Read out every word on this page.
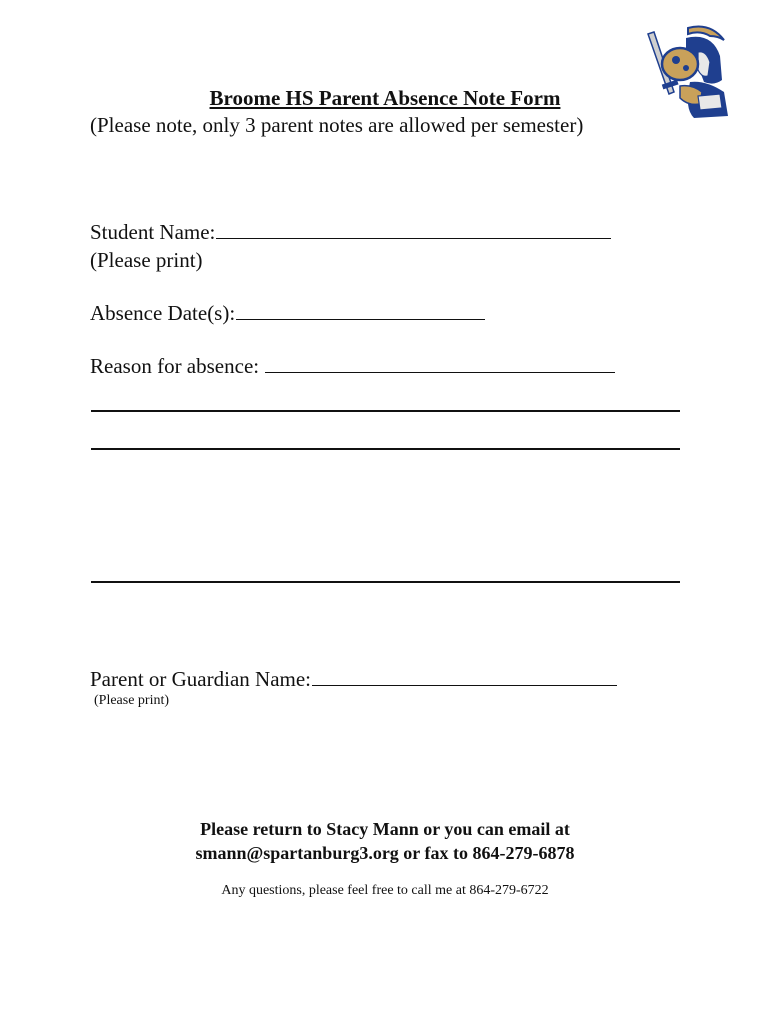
Broome HS Parent Absence Note Form
(Please note, only 3 parent notes are allowed per semester)
Student Name:
(Please print)
Absence Date(s):
Reason for absence:
Parent or Guardian Name:
(Please print)
Please return to Stacy Mann or you can email at
smann@spartanburg3.org or fax to 864-279-6878
Any questions, please feel free to call me at 864-279-6722
